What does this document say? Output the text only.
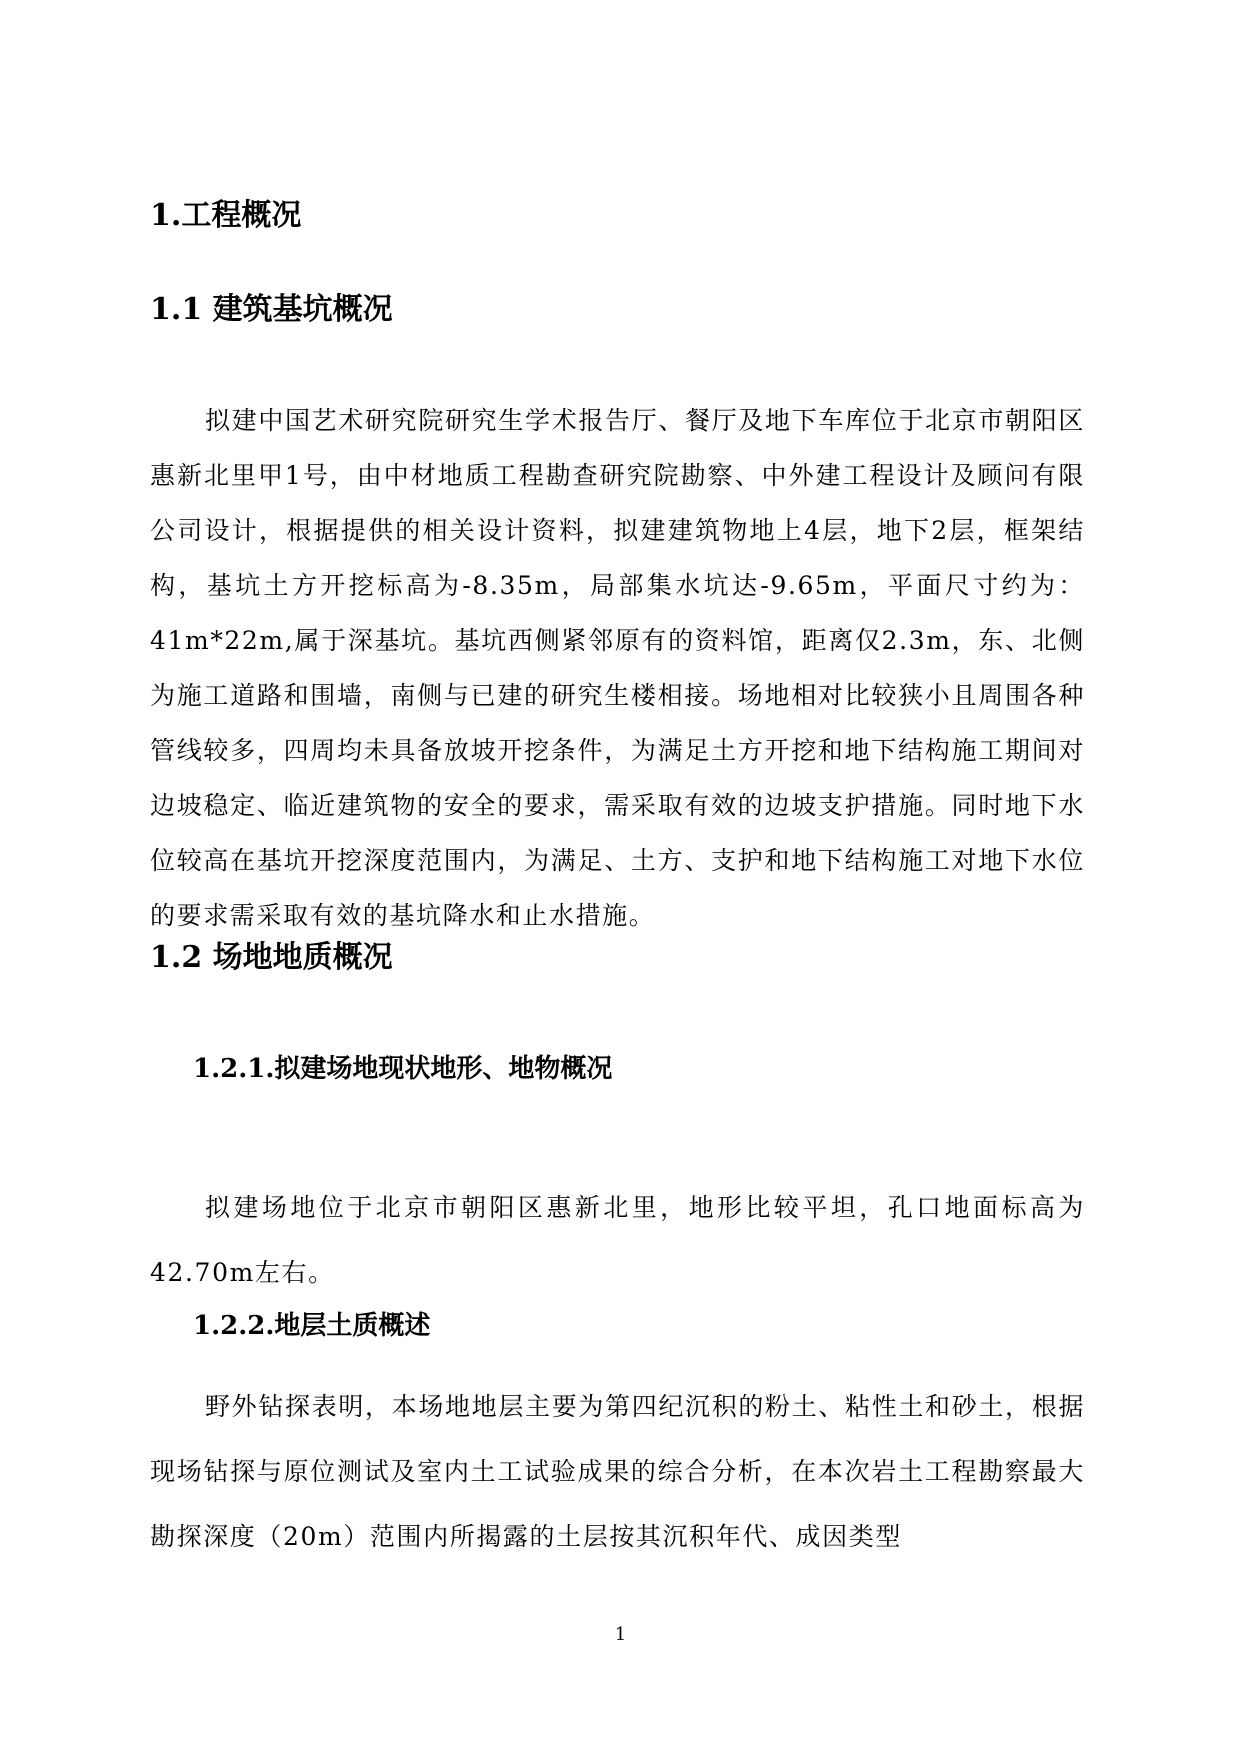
1.工程概况
1.1 建筑基坑概况

拟建中国艺术研究院研究生学术报告厅、餐厅及地下车库位于北京市朝阳区惠新北里甲1号，由中材地质工程勘查研究院勘察、中外建工程设计及顾问有限公司设计，根据提供的相关设计资料，拟建建筑物地上4层，地下2层，框架结构，基坑土方开挖标高为-8.35m，局部集水坑达-9.65m，平面尺寸约为：41m*22m,属于深基坑。基坑西侧紧邻原有的资料馆，距离仅2.3m，东、北侧为施工道路和围墙，南侧与已建的研究生楼相接。场地相对比较狭小且周围各种管线较多，四周均未具备放坡开挖条件，为满足土方开挖和地下结构施工期间对边坡稳定、临近建筑物的安全的要求，需采取有效的边坡支护措施。同时地下水位较高在基坑开挖深度范围内，为满足、土方、支护和地下结构施工对地下水位的要求需采取有效的基坑降水和止水措施。

1.2 场地地质概况
1.2.1.拟建场地现状地形、地物概况

拟建场地位于北京市朝阳区惠新北里，地形比较平坦，孔口地面标高为42.70m左右。

1.2.2.地层土质概述

野外钻探表明，本场地地层主要为第四纪沉积的粉土、粘性土和砂土，根据现场钻探与原位测试及室内土工试验成果的综合分析，在本次岩土工程勘察最大勘探深度（20m）范围内所揭露的土层按其沉积年代、成因类型

1
